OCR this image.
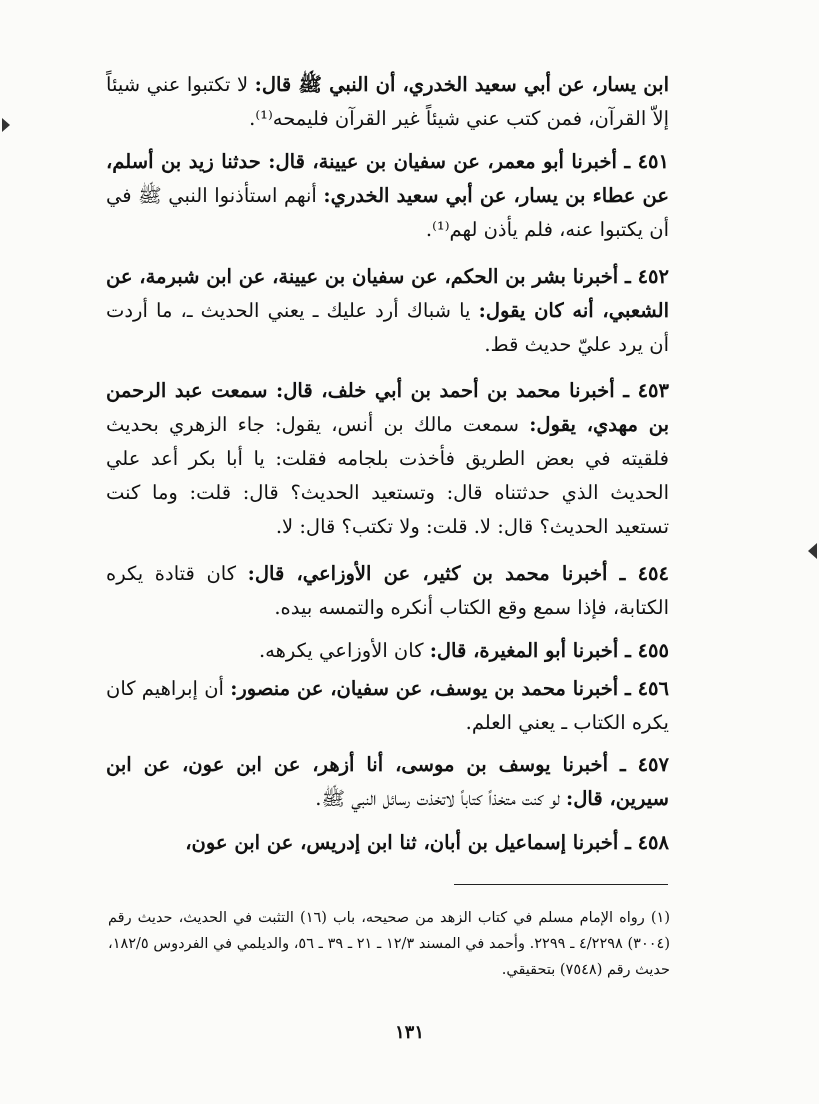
ابن يسار، عن أبي سعيد الخدري، أن النبي ﷺ قال: لا تكتبوا عني شيئاً إلاّ القرآن، فمن كتب عني شيئاً غير القرآن فليمحه⁽¹⁾.
٤٥١ ـ أخبرنا أبو معمر، عن سفيان بن عيينة، قال: حدثنا زيد بن أسلم، عن عطاء بن يسار، عن أبي سعيد الخدري: أنهم استأذنوا النبي ﷺ في أن يكتبوا عنه، فلم يأذن لهم⁽¹⁾.
٤٥٢ ـ أخبرنا بشر بن الحكم، عن سفيان بن عيينة، عن ابن شبرمة، عن الشعبي، أنه كان يقول: يا شباك أرد عليك ـ يعني الحديث ـ، ما أردت أن يرد عليّ حديث قط.
٤٥٣ ـ أخبرنا محمد بن أحمد بن أبي خلف، قال: سمعت عبد الرحمن بن مهدي، يقول: سمعت مالك بن أنس، يقول: جاء الزهري بحديث فلقيته في بعض الطريق فأخذت بلجامه فقلت: يا أبا بكر أعد علي الحديث الذي حدثتناه قال: وتستعيد الحديث؟ قال: قلت: وما كنت تستعيد الحديث؟ قال: لا. قلت: ولا تكتب؟ قال: لا.
٤٥٤ ـ أخبرنا محمد بن كثير، عن الأوزاعي، قال: كان قتادة يكره الكتابة، فإذا سمع وقع الكتاب أنكره والتمسه بيده.
٤٥٥ ـ أخبرنا أبو المغيرة، قال: كان الأوزاعي يكرهه.
٤٥٦ ـ أخبرنا محمد بن يوسف، عن سفيان، عن منصور: أن إبراهيم كان يكره الكتاب ـ يعني العلم.
٤٥٧ ـ أخبرنا يوسف بن موسى، أنا أزهر، عن ابن عون، عن ابن سيرين، قال: لو كنت متخذاً كتاباً لاتخذت رسائل النبي ﷺ.
٤٥٨ ـ أخبرنا إسماعيل بن أبان، ثنا ابن إدريس، عن ابن عون،
(١) رواه الإمام مسلم في كتاب الزهد من صحيحه، باب (١٦) التثبت في الحديث، حديث رقم (٣٠٠٤) ٤/٢٢٩٨ ـ ٢٢٩٩. وأحمد في المسند ١٢/٣ ـ ٢١ ـ ٣٩ ـ ٥٦، والديلمي في الفردوس ١٨٢/٥، حديث رقم (٧٥٤٨) بتحقيقي.
١٣١
